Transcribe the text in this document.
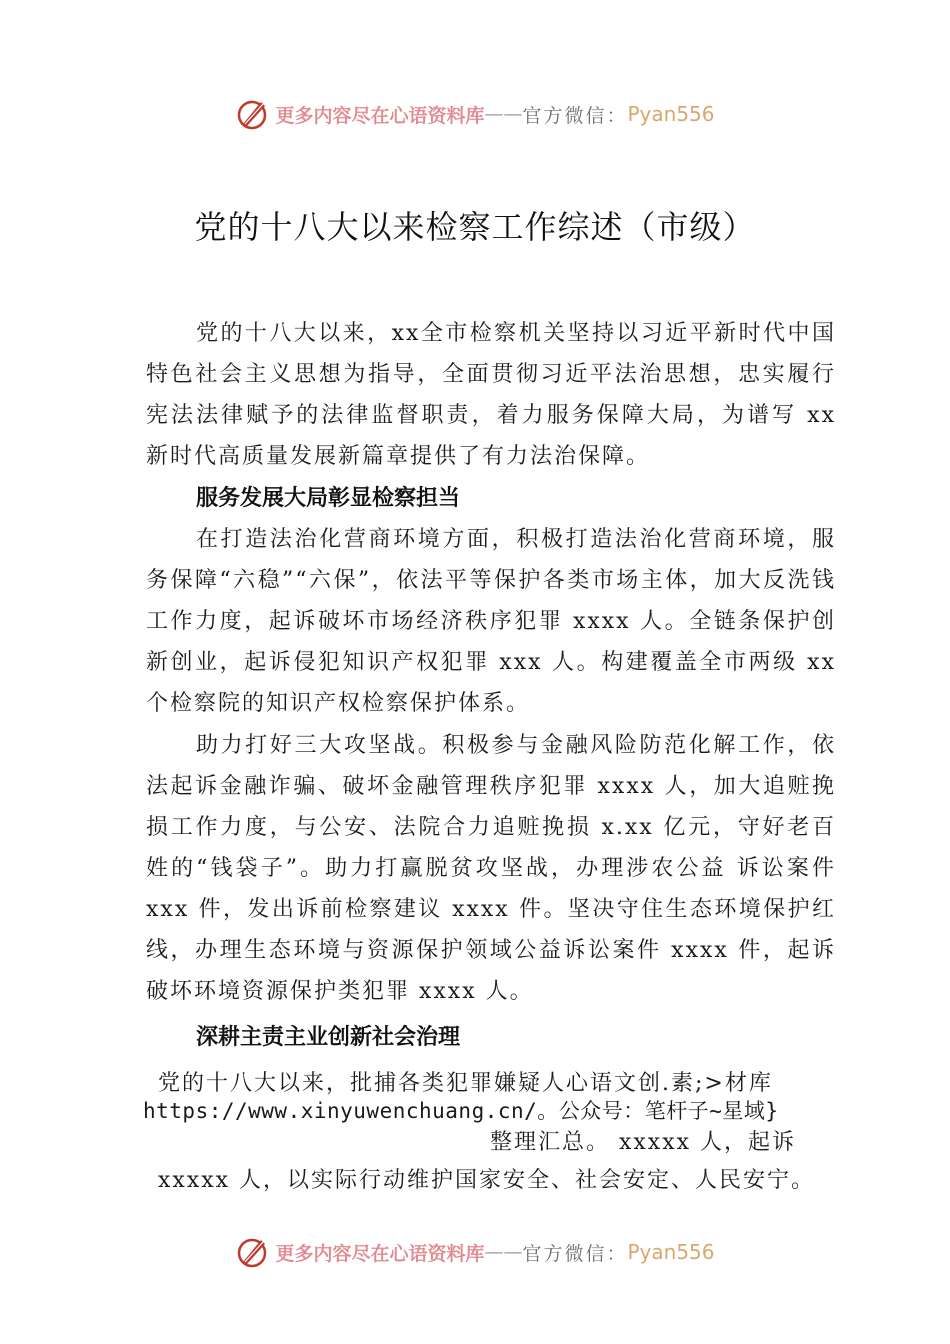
更多内容尽在心语资料库 —— 官方微信： Pyan556
党的十八大以来检察工作综述（市级）

党的十八大以来，xx全市检察机关坚持以习近平新时代中国特色社会主义思想为指导，全面贯彻习近平法治思想，忠实履行宪法法律赋予的法律监督职责，着力服务保障大局，为谱写 xx 新时代高质量发展新篇章提供了有力法治保障。

服务发展大局彰显检察担当

在打造法治化营商环境方面，积极打造法治化营商环境，服务保障“六稳”“六保”，依法平等保护各类市场主体，加大反洗钱工作力度，起诉破坏市场经济秩序犯罪 xxxx 人。全链条保护创新创业，起诉侵犯知识产权犯罪 xxx 人。构建覆盖全市两级 xx 个检察院的知识产权检察保护体系。

助力打好三大攻坚战。积极参与金融风险防范化解工作，依法起诉金融诈骗、破坏金融管理秩序犯罪 xxxx 人，加大追赃挽损工作力度，与公安、法院合力追赃挽损 x.xx 亿元，守好老百姓的“钱袋子”。助力打赢脱贫攻坚战，办理涉农公益 诉讼案件 xxx 件，发出诉前检察建议 xxxx 件。坚决守住生态环境保护红线，办理生态环境与资源保护领域公益诉讼案件 xxxx 件，起诉破坏环境资源保护类犯罪 xxxx 人。

深耕主责主业创新社会治理
党的十八大以来，批捕各类犯罪嫌疑人心语文创.素;>材库
https://www.xinyuwenchuang.cn/。公众号：笔杆子~星域}
整理汇总。 xxxxx 人，起诉
xxxxx 人，以实际行动维护国家安全、社会安定、人民安宁。
更多内容尽在心语资料库 —— 官方微信： Pyan556
